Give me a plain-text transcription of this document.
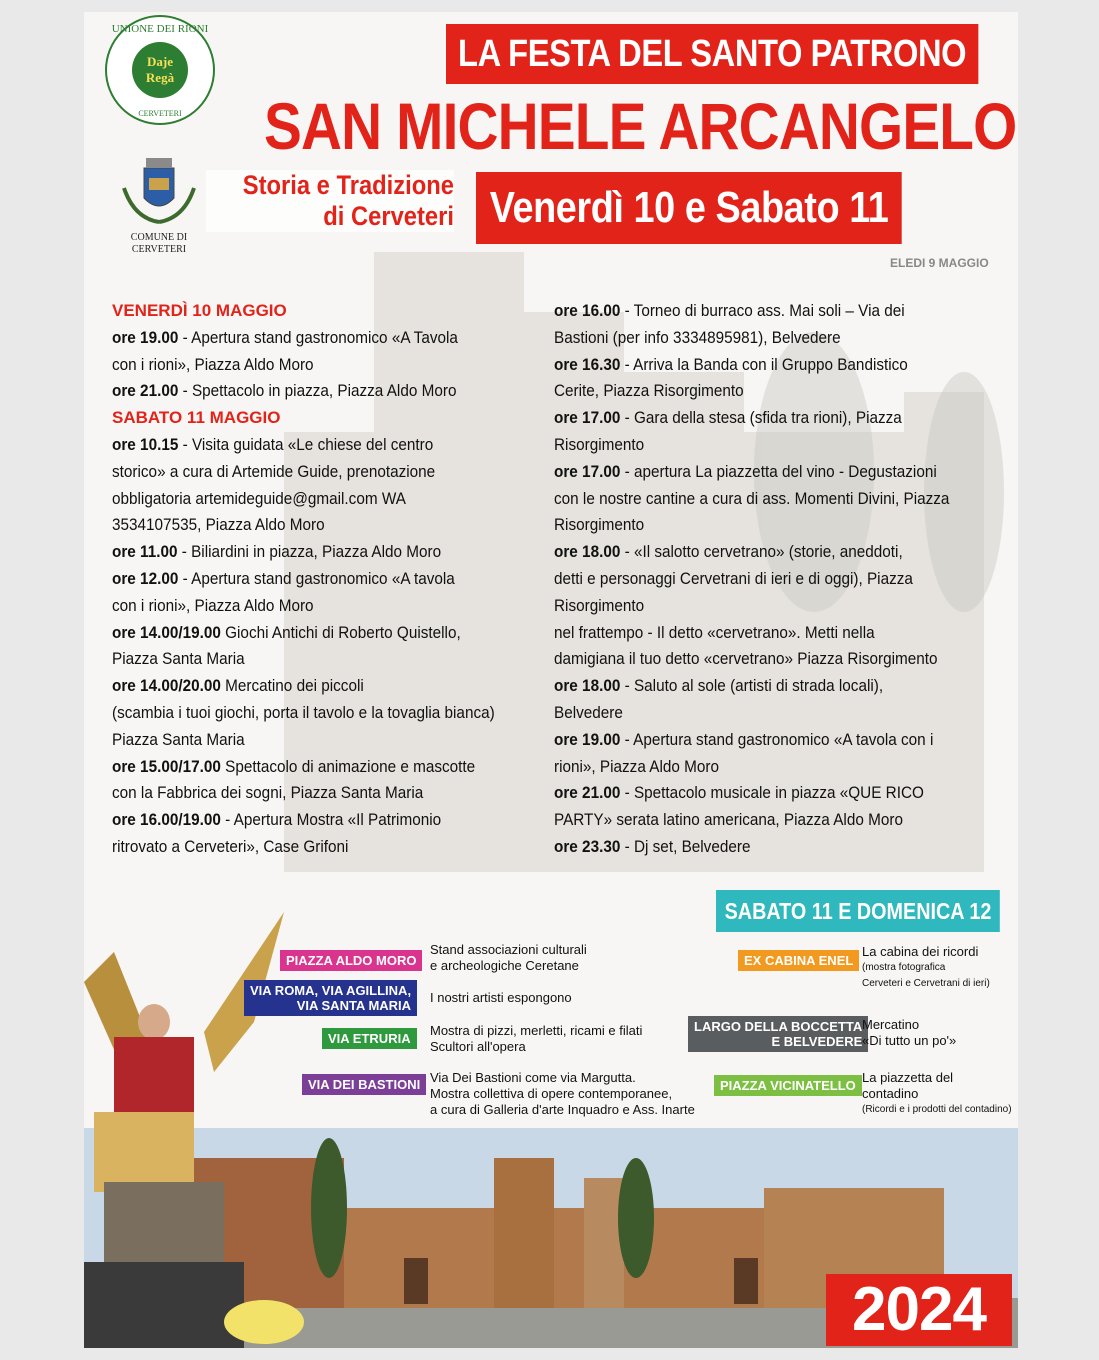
Daje
Regà
UNIONE DEI RIONI
CERVETERI
COMUNE DI
CERVETERI
LA FESTA DEL SANTO PATRONO
SAN MICHELE ARCANGELO
Storia e Tradizione
di Cerveteri Venerdì 10 e Sabato 11
ELEDI 9 MAGGIO
VENERDÌ 10 MAGGIO
ore 19.00 - Apertura stand gastronomico «A Tavola
con i rioni», Piazza Aldo Moro
ore 21.00 - Spettacolo in piazza, Piazza Aldo Moro
SABATO 11 MAGGIO
ore 10.15 - Visita guidata «Le chiese del centro
storico» a cura di Artemide Guide, prenotazione
obbligatoria artemideguide@gmail.com WA
3534107535, Piazza Aldo Moro
ore 11.00 - Biliardini in piazza, Piazza Aldo Moro
ore 12.00 - Apertura stand gastronomico «A tavola
con i rioni», Piazza Aldo Moro
ore 14.00/19.00 Giochi Antichi di Roberto Quistello,
Piazza Santa Maria
ore 14.00/20.00 Mercatino dei piccoli
(scambia i tuoi giochi, porta il tavolo e la tovaglia bianca)
Piazza Santa Maria
ore 15.00/17.00 Spettacolo di animazione e mascotte
con la Fabbrica dei sogni, Piazza Santa Maria
ore 16.00/19.00 - Apertura Mostra «Il Patrimonio
ritrovato a Cerveteri», Case Grifoni
ore 16.00 - Torneo di burraco ass. Mai soli – Via dei
Bastioni (per info 3334895981), Belvedere
ore 16.30 - Arriva la Banda con il Gruppo Bandistico
Cerite, Piazza Risorgimento
ore 17.00 - Gara della stesa (sfida tra rioni), Piazza
Risorgimento
ore 17.00 - apertura La piazzetta del vino - Degustazioni
con le nostre cantine a cura di ass. Momenti Divini, Piazza
Risorgimento
ore 18.00 - «Il salotto cervetrano» (storie, aneddoti,
detti e personaggi Cervetrani di ieri e di oggi), Piazza
Risorgimento
nel frattempo - Il detto «cervetrano». Metti nella
damigiana il tuo detto «cervetrano» Piazza Risorgimento
ore 18.00 - Saluto al sole (artisti di strada locali),
Belvedere
ore 19.00 - Apertura stand gastronomico «A tavola con i
rioni», Piazza Aldo Moro
ore 21.00 - Spettacolo musicale in piazza «QUE RICO
PARTY» serata latino americana, Piazza Aldo Moro
ore 23.30 - Dj set, Belvedere
SABATO 11 E DOMENICA 12
PIAZZA ALDO MORO
Stand associazioni culturali
e archeologiche Ceretane
VIA ROMA, VIA AGILLINA,
VIA SANTA MARIA
I nostri artisti espongono
VIA ETRURIA
Mostra di pizzi, merletti, ricami e filati
Scultori all'opera
VIA DEI BASTIONI Via Dei Bastioni come via Margutta.
Mostra collettiva di opere contemporanee,
a cura di Galleria d'arte Inquadro e Ass. Inarte
EX CABINA ENEL
La cabina dei ricordi
(mostra fotografica
Cerveteri e Cervetrani di ieri)
LARGO DELLA BOCCETTA
E BELVEDERE
Mercatino
«Di tutto un po'»
PIAZZA VICINATELLO
La piazzetta del
contadino
(Ricordi e i prodotti del contadino)
2024
